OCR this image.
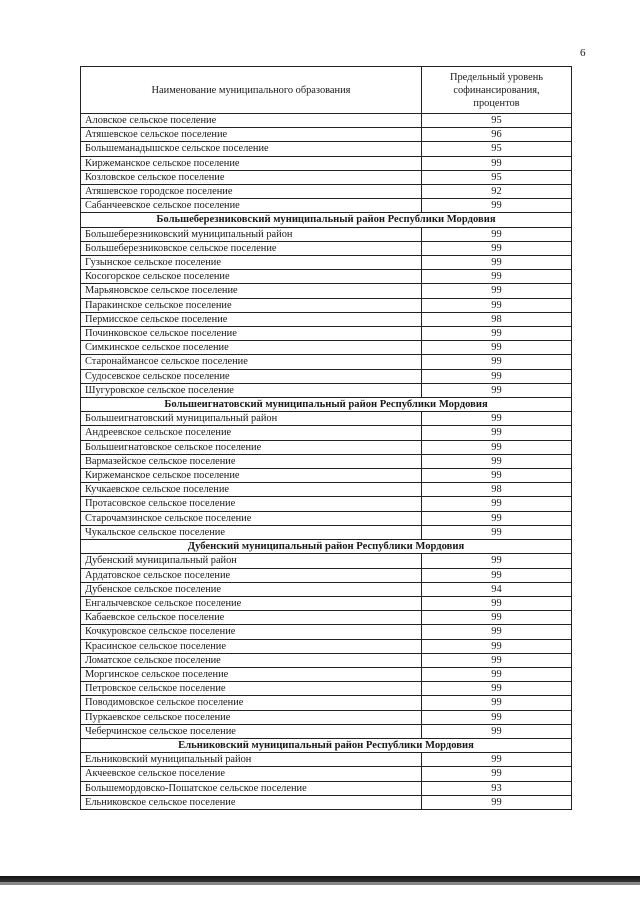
6
Наименование муниципального образования	Предельный уровень софинансирования, процентов
Аловское сельское поселение	95
Атяшевское сельское поселение	96
Большеманадышское сельское поселение	95
Киржеманское сельское поселение	99
Козловское сельское поселение	95
Атяшевское городское поселение	92
Сабанчеевское сельское поселение	99
Большеберезниковский муниципальный район Республики Мордовия	
Большеберезниковский муниципальный район	99
Большеберезниковское сельское поселение	99
Гузынское сельское поселение	99
Косогорское сельское поселение	99
Марьяновское сельское поселение	99
Паракинское сельское поселение	99
Пермисское сельское поселение	98
Починковское сельское поселение	99
Симкинское сельское поселение	99
Старонаймансое сельское поселение	99
Судосевское сельское поселение	99
Шугуровское сельское поселение	99
Большеигнатовский муниципальный район Республики Мордовия	
Большеигнатовский муниципальный район	99
Андреевское сельское поселение	99
Большеигнатовское сельское поселение	99
Вармазейское сельское поселение	99
Киржеманское сельское поселение	99
Кучкаевское сельское поселение	98
Протасовское сельское поселение	99
Старочамзинское сельское поселение	99
Чукальское сельское поселение	99
Дубенский муниципальный район Республики Мордовия	
Дубенский муниципальный район	99
Ардатовское сельское поселение	99
Дубенское сельское поселение	94
Енгалычевское сельское поселение	99
Кабаевское сельское поселение	99
Кочкуровское сельское поселение	99
Красинское сельское поселение	99
Ломатское сельское поселение	99
Моргинское сельское поселение	99
Петровское сельское поселение	99
Поводимовское сельское поселение	99
Пуркаевское сельское поселение	99
Чеберчинское сельское поселение	99
Ельниковский муниципальный район Республики Мордовия	
Ельниковский муниципальный район	99
Акчеевское сельское поселение	99
Большемордовско-Пошатское сельское поселение	93
Ельниковское сельское поселение	99
